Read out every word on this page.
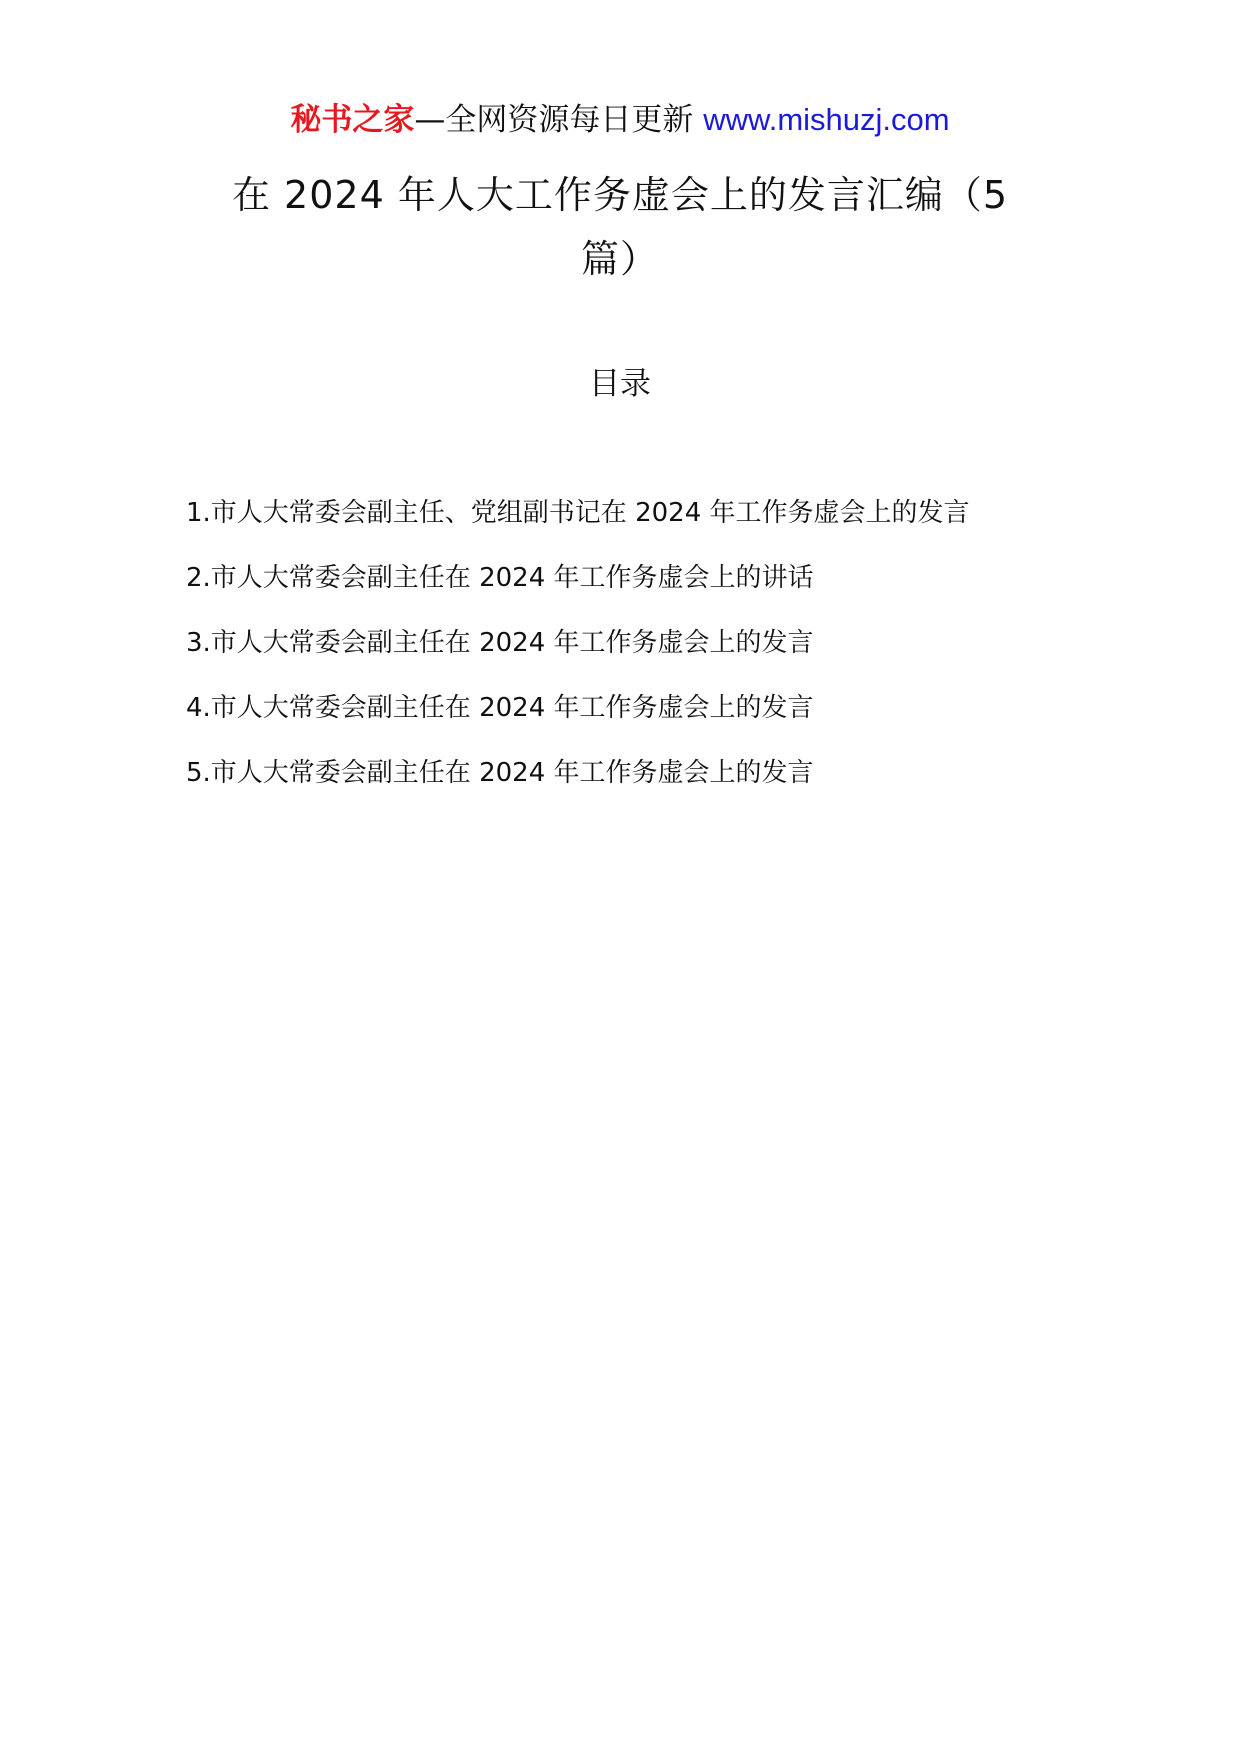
秘书之家—全网资源每日更新 www.mishuzj.com
在 2024 年人大工作务虚会上的发言汇编（5 篇）
目录
1.市人大常委会副主任、党组副书记在 2024 年工作务虚会上的发言
2.市人大常委会副主任在 2024 年工作务虚会上的讲话
3.市人大常委会副主任在 2024 年工作务虚会上的发言
4.市人大常委会副主任在 2024 年工作务虚会上的发言
5.市人大常委会副主任在 2024 年工作务虚会上的发言
